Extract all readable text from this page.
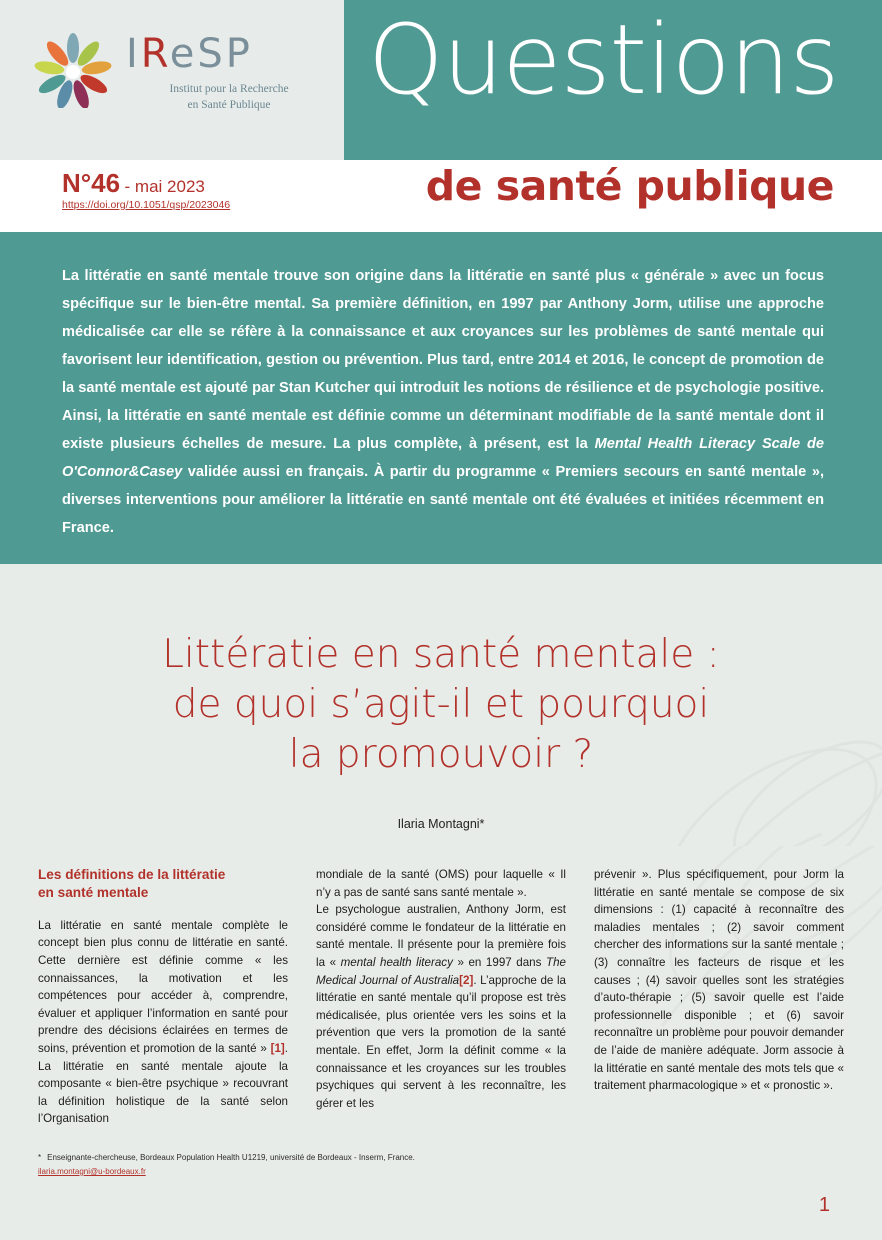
IReSP
Institut pour la Recherche
en Santé Publique	Questions
N°46 - mai 2023
https://doi.org/10.1051/qsp/2023046	de santé publique

La littératie en santé mentale trouve son origine dans la littératie en santé plus « générale » avec un focus spécifique sur le bien-être mental. Sa première définition, en 1997 par Anthony Jorm, utilise une approche médicalisée car elle se réfère à la connaissance et aux croyances sur les problèmes de santé mentale qui favorisent leur identification, gestion ou prévention. Plus tard, entre 2014 et 2016, le concept de promotion de la santé mentale est ajouté par Stan Kutcher qui introduit les notions de résilience et de psychologie positive. Ainsi, la littératie en santé mentale est définie comme un déterminant modifiable de la santé mentale dont il existe plusieurs échelles de mesure. La plus complète, à présent, est la Mental Health Literacy Scale de O'Connor&Casey validée aussi en français. À partir du programme « Premiers secours en santé mentale », diverses interventions pour améliorer la littératie en santé mentale ont été évaluées et initiées récemment en France.

Littératie en santé mentale :
de quoi s’agit-il et pourquoi
la promouvoir ?
Ilaria Montagni*
Les définitions de la littératie
en santé mentale

La littératie en santé mentale complète le concept bien plus connu de littératie en santé. Cette dernière est définie comme « les connaissances, la motivation et les compétences pour accéder à, comprendre, évaluer et appliquer l’information en santé pour prendre des décisions éclairées en termes de soins, prévention et promotion de la santé » [1]. La littératie en santé mentale ajoute la composante « bien-être psychique » recouvrant la définition holistique de la santé selon l’Organisation

mondiale de la santé (OMS) pour laquelle « Il n’y a pas de santé sans santé mentale ».

Le psychologue australien, Anthony Jorm, est considéré comme le fondateur de la littératie en santé mentale. Il présente pour la première fois la « mental health literacy » en 1997 dans The Medical Journal of Australia[2]. L’approche de la littératie en santé mentale qu’il propose est très médicalisée, plus orientée vers les soins et la prévention que vers la promotion de la santé mentale. En effet, Jorm la définit comme « la connaissance et les croyances sur les troubles psychiques qui servent à les reconnaître, les gérer et les

prévenir ». Plus spécifiquement, pour Jorm la littératie en santé mentale se compose de six dimensions : (1) capacité à reconnaître des maladies mentales ; (2) savoir comment chercher des informations sur la santé mentale ; (3) connaître les facteurs de risque et les causes ; (4) savoir quelles sont les stratégies d’auto-thérapie ; (5) savoir quelle est l’aide professionnelle disponible ; et (6) savoir reconnaître un problème pour pouvoir demander de l’aide de manière adéquate. Jorm associe à la littératie en santé mentale des mots tels que « traitement pharmacologique » et « pronostic ».

* Enseignante-chercheuse, Bordeaux Population Health U1219, université de Bordeaux - Inserm, France.
ilaria.montagni@u-bordeaux.fr
1
